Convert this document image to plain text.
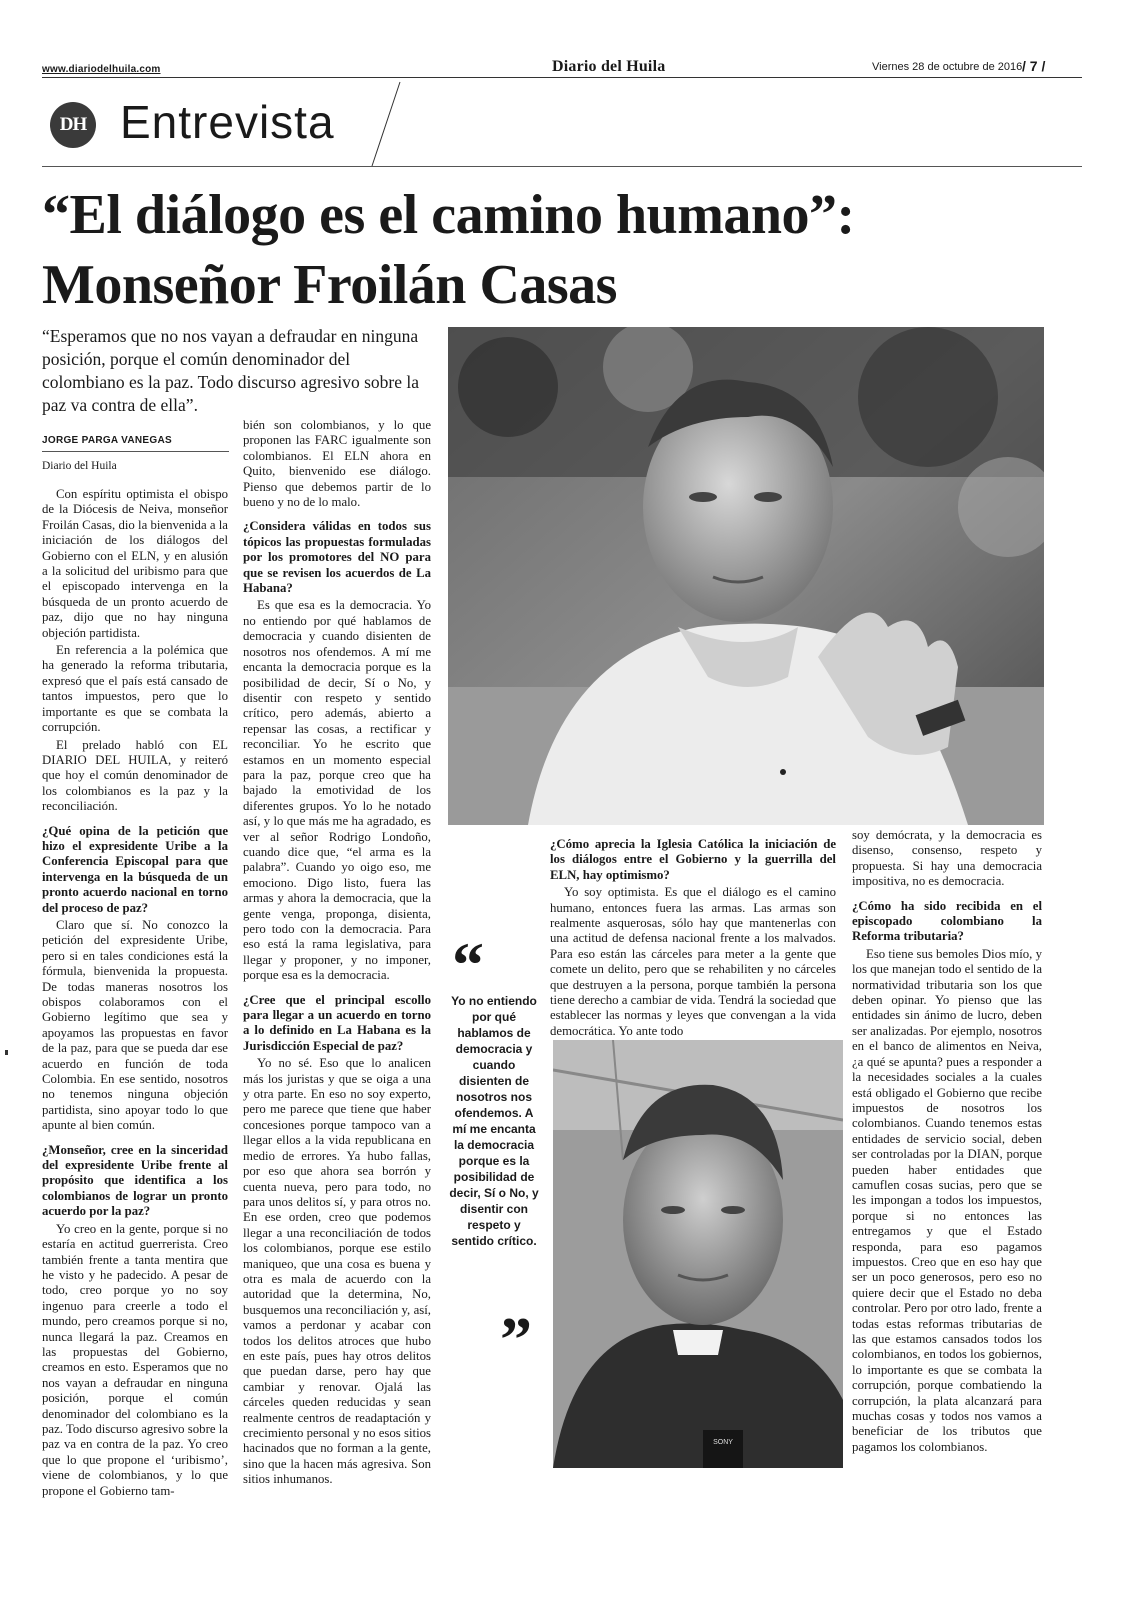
www.diariodelhuila.com	Diario del Huila	Viernes 28 de octubre de 2016 / 7 /
DH Entrevista
“El diálogo es el camino humano”:
Monseñor Froilán Casas
“Esperamos que no nos vayan a defraudar en ninguna posición, porque el común denominador del colombiano es la paz. Todo discurso agresivo sobre la paz va contra de ella”.
JORGE PARGA VANEGAS
Diario del Huila

Con espíritu optimista el obispo de la Diócesis de Neiva, monseñor Froilán Casas, dio la bienvenida a la iniciación de los diálogos del Gobierno con el ELN, y en alusión a la solicitud del uribismo para que el episcopado intervenga en la búsqueda de un pronto acuerdo de paz, dijo que no hay ninguna objeción partidista.

En referencia a la polémica que ha generado la reforma tributaria, expresó que el país está cansado de tantos impuestos, pero que lo importante es que se combata la corrupción.

El prelado habló con EL DIARIO DEL HUILA, y reiteró que hoy el común denominador de los colombianos es la paz y la reconciliación.

¿Qué opina de la petición que hizo el expresidente Uribe a la Conferencia Episcopal para que intervenga en la búsqueda de un pronto acuerdo nacional en torno del proceso de paz?

Claro que sí. No conozco la petición del expresidente Uribe, pero si en tales condiciones está la fórmula, bienvenida la propuesta. De todas maneras nosotros los obispos colaboramos con el Gobierno legítimo que sea y apoyamos las propuestas en favor de la paz, para que se pueda dar ese acuerdo en función de toda Colombia. En ese sentido, nosotros no tenemos ninguna objeción partidista, sino apoyar todo lo que apunte al bien común.

¿Monseñor, cree en la sinceridad del expresidente Uribe frente al propósito que identifica a los colombianos de lograr un pronto acuerdo por la paz?

Yo creo en la gente, porque si no estaría en actitud guerrerista. Creo también frente a tanta mentira que he visto y he padecido. A pesar de todo, creo porque yo no soy ingenuo para creerle a todo el mundo, pero creamos porque si no, nunca llegará la paz. Creamos en las propuestas del Gobierno, creamos en esto. Esperamos que no nos vayan a defraudar en ninguna posición, porque el común denominador del colombiano es la paz. Todo discurso agresivo sobre la paz va en contra de la paz. Yo creo que lo que propone el ‘uribismo’, viene de colombianos, y lo que propone el Gobierno tam-

bién son colombianos, y lo que proponen las FARC igualmente son colombianos. El ELN ahora en Quito, bienvenido ese diálogo. Pienso que debemos partir de lo bueno y no de lo malo.

¿Considera válidas en todos sus tópicos las propuestas formuladas por los promotores del NO para que se revisen los acuerdos de La Habana?

Es que esa es la democracia. Yo no entiendo por qué hablamos de democracia y cuando disienten de nosotros nos ofendemos. A mí me encanta la democracia porque es la posibilidad de decir, Sí o No, y disentir con respeto y sentido crítico, pero además, abierto a repensar las cosas, a rectificar y reconciliar. Yo he escrito que estamos en un momento especial para la paz, porque creo que ha bajado la emotividad de los diferentes grupos. Yo lo he notado así, y lo que más me ha agradado, es ver al señor Rodrigo Londoño, cuando dice que, “el arma es la palabra”. Cuando yo oigo eso, me emociono. Digo listo, fuera las armas y ahora la democracia, que la gente venga, proponga, disienta, pero todo con la democracia. Para eso está la rama legislativa, para llegar y proponer, y no imponer, porque esa es la democracia.

¿Cree que el principal escollo para llegar a un acuerdo en torno a lo definido en La Habana es la Jurisdicción Especial de paz?

Yo no sé. Eso que lo analicen más los juristas y que se oiga a una y otra parte. En eso no soy experto, pero me parece que tiene que haber concesiones porque tampoco van a llegar ellos a la vida republicana en medio de errores. Ya hubo fallas, por eso que ahora sea borrón y cuenta nueva, pero para todo, no para unos delitos sí, y para otros no. En ese orden, creo que podemos llegar a una reconciliación de todos los colombianos, porque ese estilo maniqueo, que una cosa es buena y otra es mala de acuerdo con la autoridad que la determina, No, busquemos una reconciliación y, así, vamos a perdonar y acabar con todos los delitos atroces que hubo en este país, pues hay otros delitos que puedan darse, pero hay que cambiar y renovar. Ojalá las cárceles queden reducidas y sean realmente centros de readaptación y crecimiento personal y no esos sitios hacinados que no forman a la gente, sino que la hacen más agresiva. Son sitios inhumanos.

¿Cómo aprecia la Iglesia Católica la iniciación de los diálogos entre el Gobierno y la guerrilla del ELN, hay optimismo?

Yo soy optimista. Es que el diálogo es el camino humano, entonces fuera las armas. Las armas son realmente asquerosas, sólo hay que mantenerlas con una actitud de defensa nacional frente a los malvados. Para eso están las cárceles para meter a la gente que comete un delito, pero que se rehabiliten y no cárceles que destruyen a la persona, porque también la persona tiene derecho a cambiar de vida. Tendrá la sociedad que establecer las normas y leyes que convengan a la vida democrática. Yo ante todo

soy demócrata, y la democracia es disenso, consenso, respeto y propuesta. Si hay una democracia impositiva, no es democracia.

¿Cómo ha sido recibida en el episcopado colombiano la Reforma tributaria?

Eso tiene sus bemoles Dios mío, y los que manejan todo el sentido de la normatividad tributaria son los que deben opinar. Yo pienso que las entidades sin ánimo de lucro, deben ser analizadas. Por ejemplo, nosotros en el banco de alimentos en Neiva, ¿a qué se apunta? pues a responder a la necesidades sociales a la cuales está obligado el Gobierno que recibe impuestos de nosotros los colombianos. Cuando tenemos estas entidades de servicio social, deben ser controladas por la DIAN, porque pueden haber entidades que camuflen cosas sucias, pero que se les impongan a todos los impuestos, porque si no entonces las entregamos y que el Estado responda, para eso pagamos impuestos. Creo que en eso hay que ser un poco generosos, pero eso no quiere decir que el Estado no deba controlar. Pero por otro lado, frente a todas estas reformas tributarias de las que estamos cansados todos los colombianos, en todos los gobiernos, lo importante es que se combata la corrupción, porque combatiendo la corrupción, la plata alcanzará para muchas cosas y todos nos vamos a beneficiar de los tributos que pagamos los colombianos.

“
Yo no entiendo por qué hablamos de democracia y cuando disienten de nosotros nos ofendemos. A mí me encanta la democracia porque es la posibilidad de decir, Sí o No, y disentir con respeto y sentido crítico.
”
SONY
